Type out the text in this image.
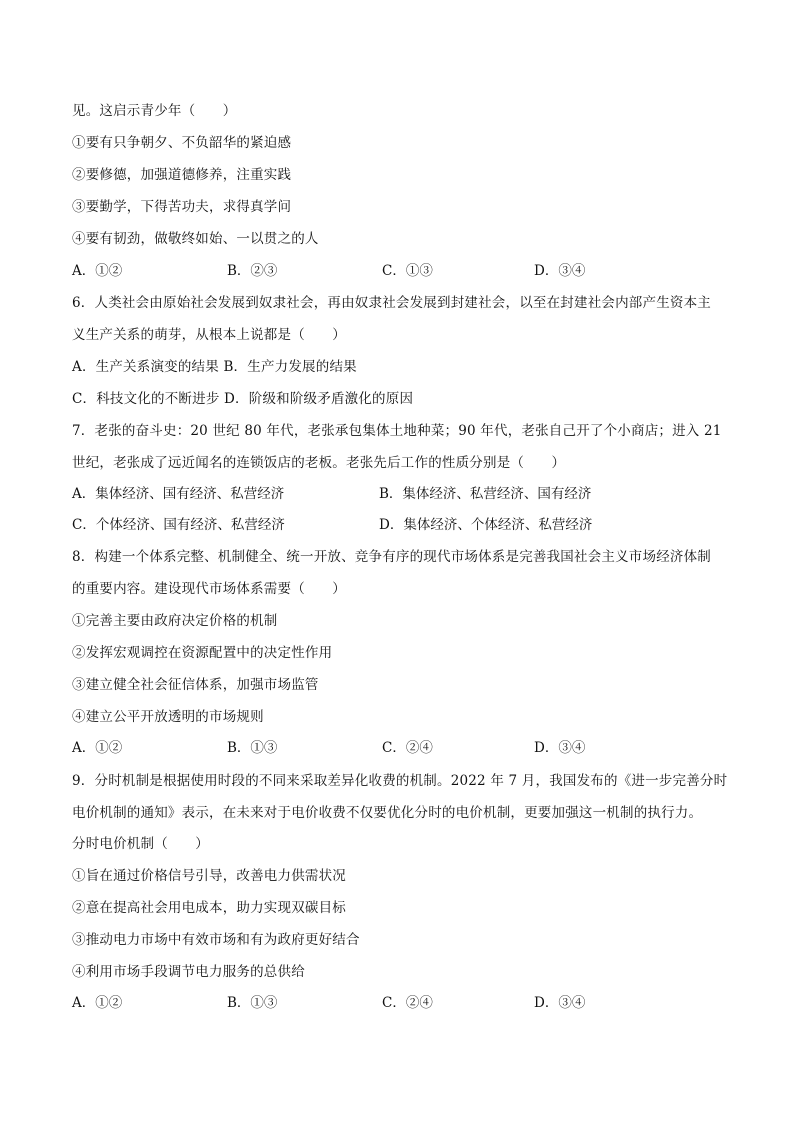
见。这启示青少年（　　）
①要有只争朝夕、不负韶华的紧迫感
②要修德，加强道德修养，注重实践
③要勤学，下得苦功夫，求得真学问
④要有韧劲，做敬终如始、一以贯之的人
A．①②	B．②③	C．①③	D．③④
6．人类社会由原始社会发展到奴隶社会，再由奴隶社会发展到封建社会，以至在封建社会内部产生资本主
义生产关系的萌芽，从根本上说都是（　　）
A．生产关系演变的结果 B．生产力发展的结果
C．科技文化的不断进步 D．阶级和阶级矛盾激化的原因
7．老张的奋斗史：20 世纪 80 年代，老张承包集体土地种菜；90 年代，老张自己开了个小商店；进入 21
世纪，老张成了远近闻名的连锁饭店的老板。老张先后工作的性质分别是（　　）
A．集体经济、国有经济、私营经济	B．集体经济、私营经济、国有经济
C．个体经济、国有经济、私营经济	D．集体经济、个体经济、私营经济
8．构建一个体系完整、机制健全、统一开放、竞争有序的现代市场体系是完善我国社会主义市场经济体制
的重要内容。建设现代市场体系需要（　　）
①完善主要由政府决定价格的机制
②发挥宏观调控在资源配置中的决定性作用
③建立健全社会征信体系，加强市场监管
④建立公平开放透明的市场规则
A．①②	B．①③	C．②④	D．③④
9．分时机制是根据使用时段的不同来采取差异化收费的机制。2022 年 7 月，我国发布的《进一步完善分时
电价机制的通知》表示，在未来对于电价收费不仅要优化分时的电价机制，更要加强这一机制的执行力。
分时电价机制（　　）
①旨在通过价格信号引导，改善电力供需状况
②意在提高社会用电成本，助力实现双碳目标
③推动电力市场中有效市场和有为政府更好结合
④利用市场手段调节电力服务的总供给
A．①②	B．①③	C．②④	D．③④
